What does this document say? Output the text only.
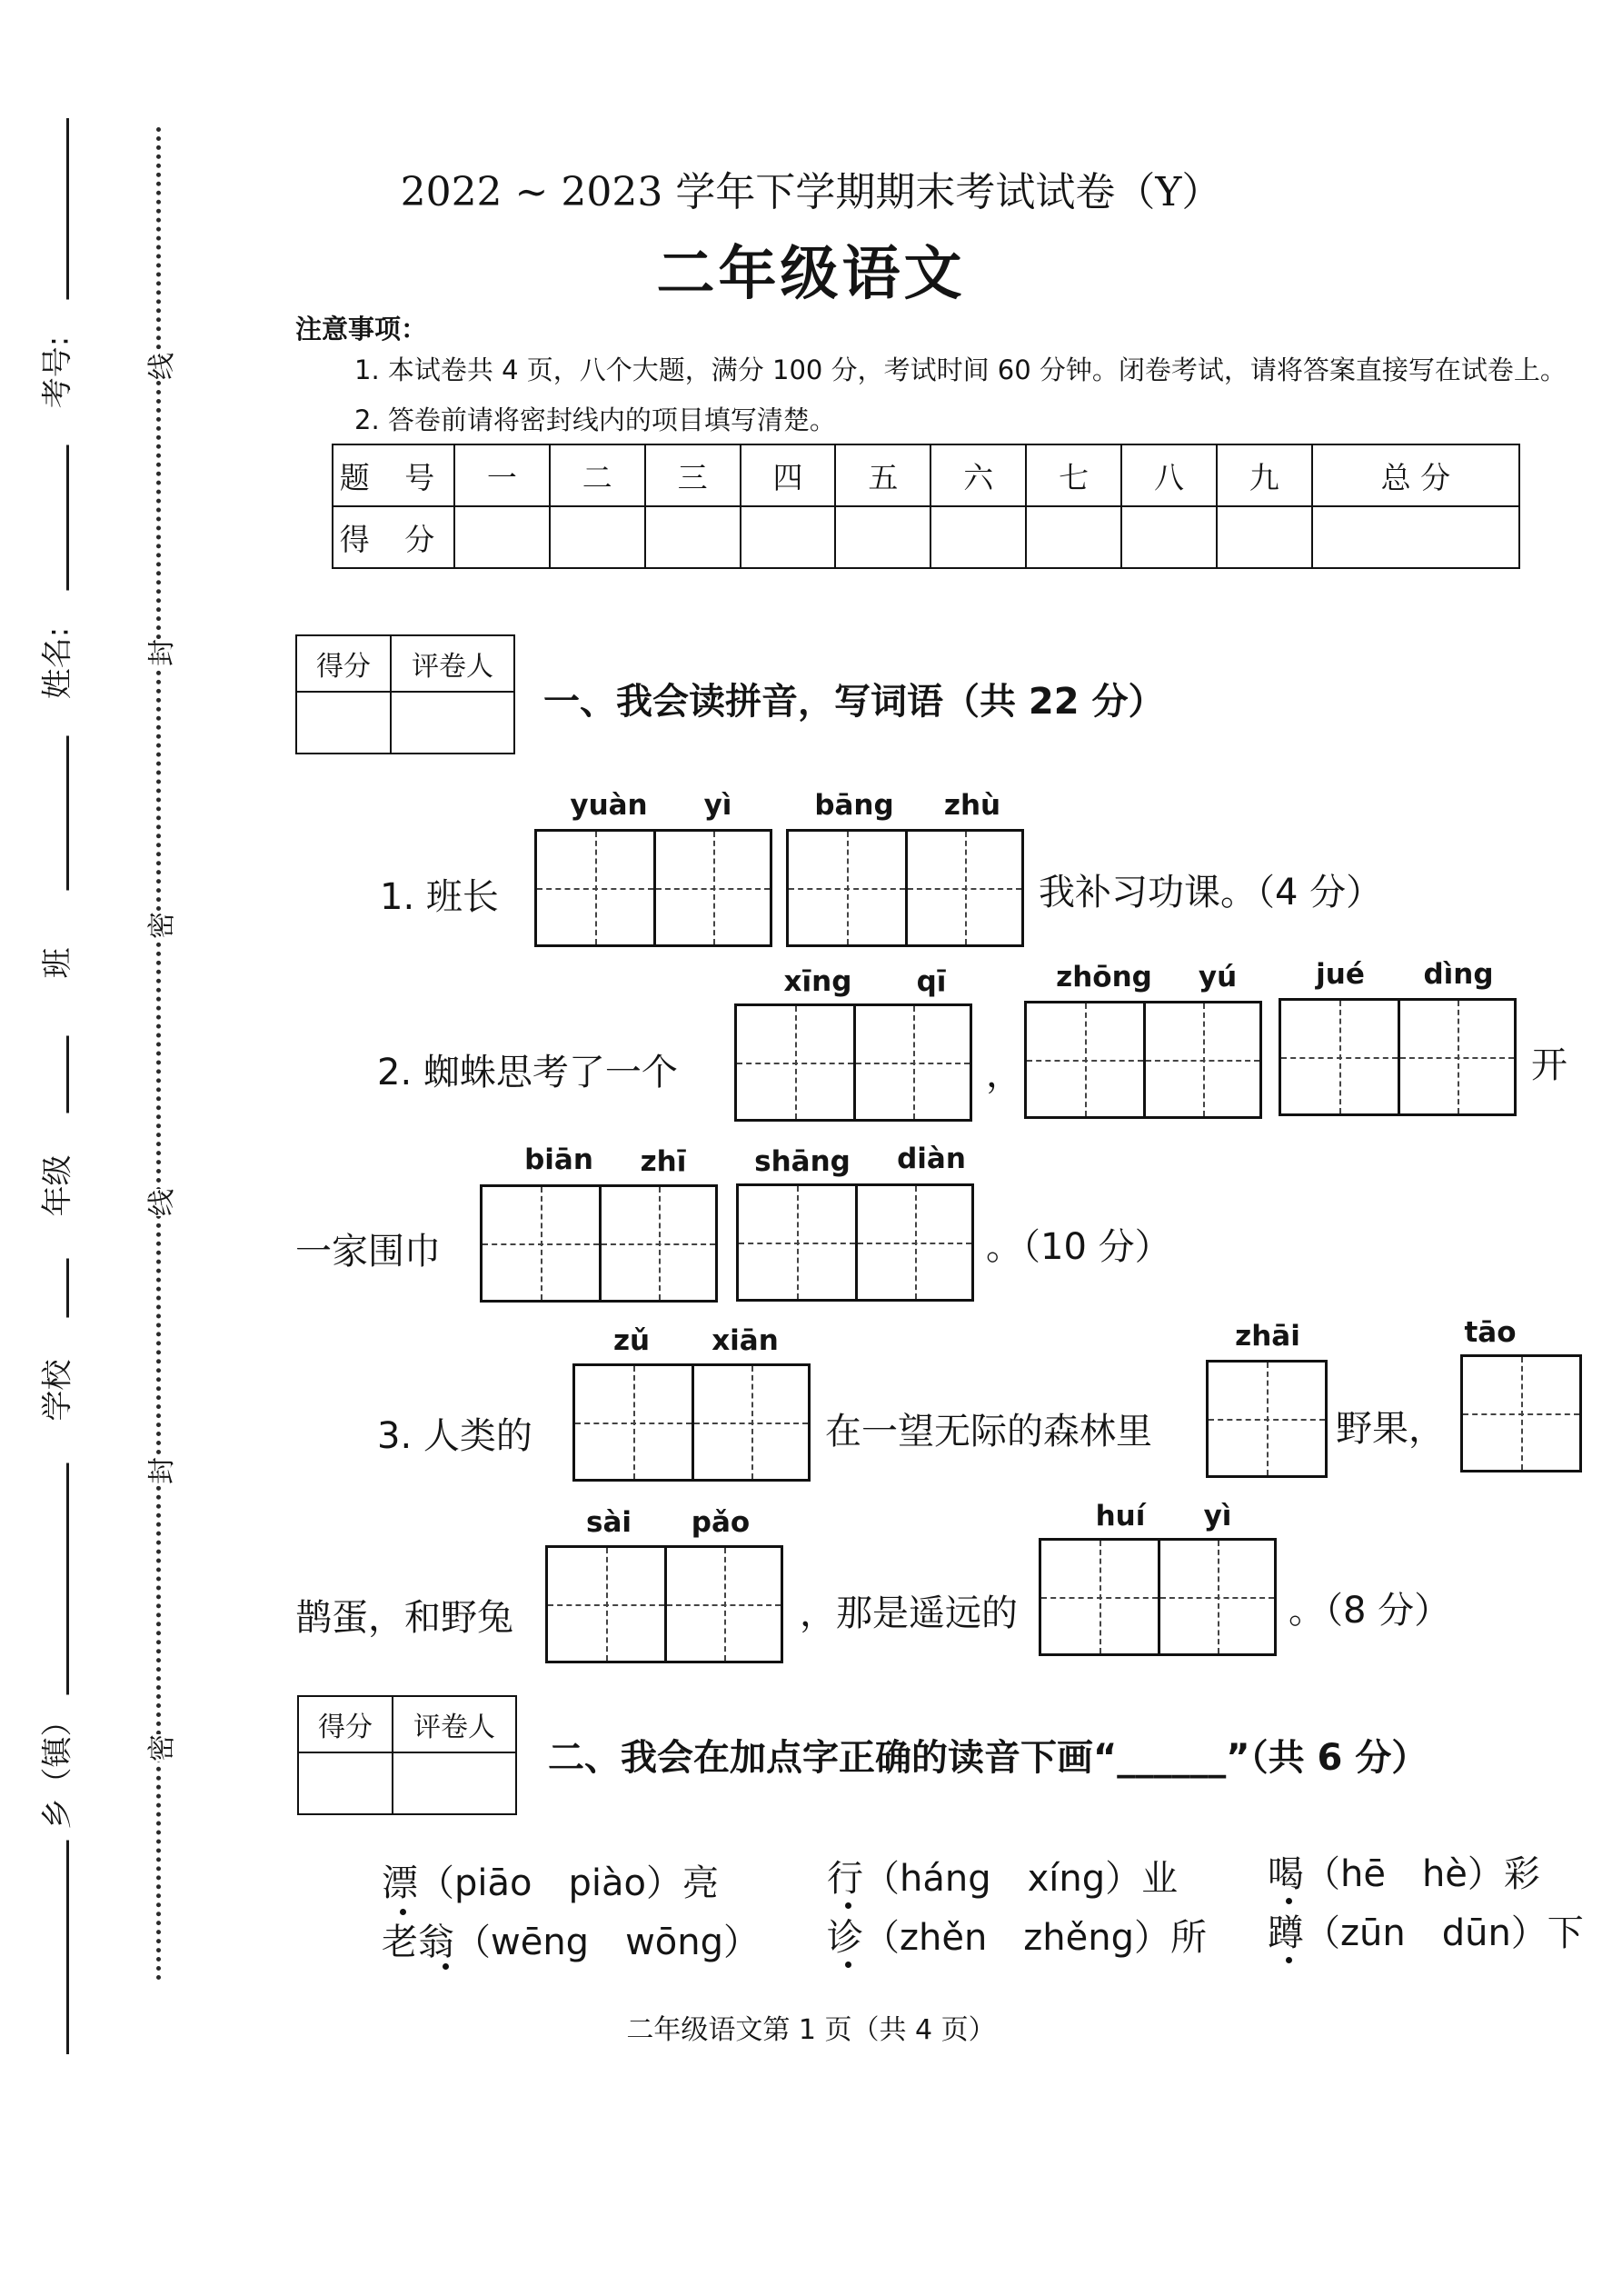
考号:
姓名:
班
年级
学校
乡（镇）
线
封
密
线
封
密
2022 ~ 2023 学年下学期期末考试试卷（Y）
二年级语文
注意事项：
1. 本试卷共 4 页，八个大题，满分 100 分，考试时间 60 分钟。闭卷考试，请将答案直接写在试卷上。
2. 答卷前请将密封线内的项目填写清楚。
题 号	一	二	三	四	五	六	七	八	九	总 分
得 分										
得分	评卷人

一、我会读拼音，写词语（共 22 分）
yuàn	yì	bāng zhù
1. 班长	我补习功课。（4 分）
xīng	qī	zhōng	yú	jué	dìng
2. 蜘蛛思考了一个	，	开
biān	zhī	shāng	diàn
一家围巾	。（10 分）
zǔ	xiān	zhāi	tāo
3. 人类的	在一望无际的森林里	野果，
sài	pǎo	huí	yì
鹊蛋，和野兔	，那是遥远的	。（8 分）
得分	评卷人

二、我会在加点字正确的读音下画“______”（共 6 分）
漂（piāo　piào）亮	行（háng　xíng）业 喝（hē　hè）彩
老翁（wēng　wōng） 诊（zhěn　zhěng）所 蹲（zūn　dūn）下
二年级语文第 1 页（共 4 页）
